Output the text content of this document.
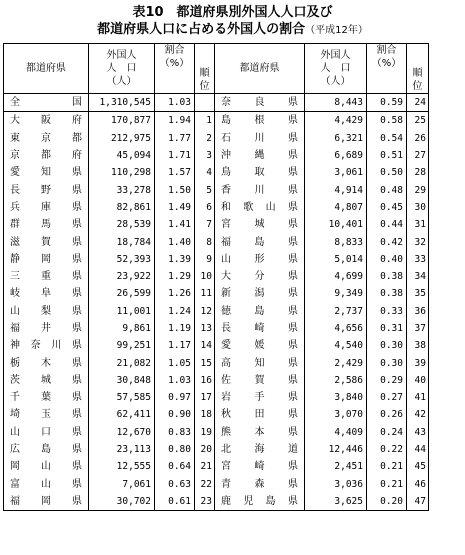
表10　都道府県別外国人人口及び
都道府県人口に占める外国人の割合（平成12年）
都道府県	外国人
人　口
（人）	割合
（%）	順
位	都道府県	外国人
人　口
（人）	割合
（%）	順
位
全国	1,310,545	1.03		奈良県	8,443	0.59	24
大阪府	170,877	1.94	1	島根県	4,429	0.58	25
東京都	212,975	1.77	2	石川県	6,321	0.54	26
京都府	45,094	1.71	3	沖縄県	6,689	0.51	27
愛知県	110,298	1.57	4	鳥取県	3,061	0.50	28
長野県	33,278	1.50	5	香川県	4,914	0.48	29
兵庫県	82,861	1.49	6	和歌山県	4,807	0.45	30
群馬県	28,539	1.41	7	宮城県	10,401	0.44	31
滋賀県	18,784	1.40	8	福島県	8,833	0.42	32
静岡県	52,393	1.39	9	山形県	5,014	0.40	33
三重県	23,922	1.29	10	大分県	4,699	0.38	34
岐阜県	26,599	1.26	11	新潟県	9,349	0.38	35
山梨県	11,001	1.24	12	徳島県	2,737	0.33	36
福井県	9,861	1.19	13	長崎県	4,656	0.31	37
神奈川県	99,251	1.17	14	愛媛県	4,540	0.30	38
栃木県	21,082	1.05	15	高知県	2,429	0.30	39
茨城県	30,848	1.03	16	佐賀県	2,586	0.29	40
千葉県	57,585	0.97	17	岩手県	3,840	0.27	41
埼玉県	62,411	0.90	18	秋田県	3,070	0.26	42
山口県	12,670	0.83	19	熊本県	4,409	0.24	43
広島県	23,113	0.80	20	北海道	12,446	0.22	44
岡山県	12,555	0.64	21	宮崎県	2,451	0.21	45
富山県	7,061	0.63	22	青森県	3,036	0.21	46
福岡県	30,702	0.61	23	鹿児島県	3,625	0.20	47
